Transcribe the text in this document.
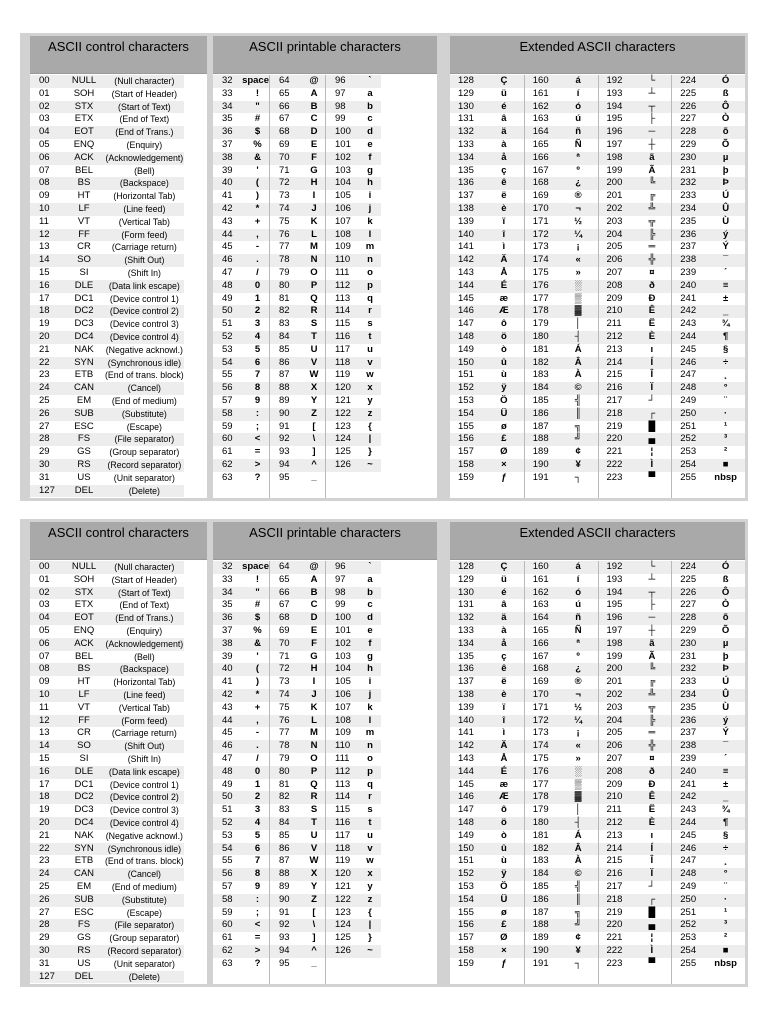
ASCII control characters
00	NULL	(Null character)
01	SOH	(Start of Header)
02	STX	(Start of Text)
03	ETX	(End of Text)
04	EOT	(End of Trans.)
05	ENQ	(Enquiry)
06	ACK	(Acknowledgement)
07	BEL	(Bell)
08	BS	(Backspace)
09	HT	(Horizontal Tab)
10	LF	(Line feed)
11	VT	(Vertical Tab)
12	FF	(Form feed)
13	CR	(Carriage return)
14	SO	(Shift Out)
15	SI	(Shift In)
16	DLE	(Data link escape)
17	DC1	(Device control 1)
18	DC2	(Device control 2)
19	DC3	(Device control 3)
20	DC4	(Device control 4)
21	NAK	(Negative acknowl.)
22	SYN	(Synchronous idle)
23	ETB	(End of trans. block)
24	CAN	(Cancel)
25	EM	(End of medium)
26	SUB	(Substitute)
27	ESC	(Escape)
28	FS	(File separator)
29	GS	(Group separator)
30	RS	(Record separator)
31	US	(Unit separator)
127	DEL	(Delete)
ASCII printable characters
32 space
33	!
34	"
35	#
36	$
37	%
38	&
39	'
40	(
41	)
42	*
43	+
44	,
45	-
46	.
47	/
48	0
49	1
50	2
51	3
52	4
53	5
54	6
55	7
56	8
57	9
58	:
59	;
60	<
61	=
62	>
63	?
64	@
65	A
66	B
67	C
68	D
69	E
70	F
71	G
72	H
73	I
74	J
75	K
76	L
77	M
78	N
79	O
80	P
81	Q
82	R
83	S
84	T
85	U
86	V
87	W
88	X
89	Y
90	Z
91	[
92	\
93	]
94	^
95	_
96	`
97	a
98	b
99	c
100	d
101	e
102	f
103	g
104	h
105	i
106	j
107	k
108	l
109	m
110	n
111	o
112	p
113	q
114	r
115	s
116	t
117	u
118	v
119	w
120	x
121	y
122	z
123	{
124	|
125	}
126	~
Extended ASCII characters
128	Ç
129	ü
130	é
131	â
132	ä
133	à
134	å
135	ç
136	ê
137	ë
138	è
139	ï
140	î
141	ì
142	Ä
143	Å
144	É
145	æ
146	Æ
147	ô
148	ö
149	ò
150	û
151	ù
152	ÿ
153	Ö
154	Ü
155	ø
156	£
157	Ø
158	×
159	ƒ
160	á
161	í
162	ó
163	ú
164	ñ
165	Ñ
166	ª
167	º
168	¿
169	®
170	¬
171	½
172	¼
173	¡
174	«
175	»
176	░
177	▒
178	▓
179	│
180	┤
181	Á
182	Â
183	À
184	©
185	╣
186	║
187	╗
188	╝
189	¢
190	¥
191	┐
192	└
193	┴
194	┬
195	├
196	─
197	┼
198	ã
199	Ã
200	╚
201	╔
202	╩
203	╦
204	╠
205	═
206	╬
207	¤
208	ð
209	Ð
210	Ê
211	Ë
212	È
213	ı
214	Í
215	Î
216	Ï
217	┘
218	┌
219	█
220	▄
221	¦
222	Ì
223	▀
224	Ó
225	ß
226	Ô
227	Ò
228	õ
229	Õ
230	µ
231	þ
232	Þ
233	Ú
234	Û
235	Ù
236	ý
237	Ý
238	¯
239	´
240	≡
241	±
242	‗
243	¾
244	¶
245	§
246	÷
247	¸
248	°
249	¨
250	·
251	¹
252	³
253	²
254	■
255	nbsp
ASCII control characters
00	NULL	(Null character)
01	SOH	(Start of Header)
02	STX	(Start of Text)
03	ETX	(End of Text)
04	EOT	(End of Trans.)
05	ENQ	(Enquiry)
06	ACK	(Acknowledgement)
07	BEL	(Bell)
08	BS	(Backspace)
09	HT	(Horizontal Tab)
10	LF	(Line feed)
11	VT	(Vertical Tab)
12	FF	(Form feed)
13	CR	(Carriage return)
14	SO	(Shift Out)
15	SI	(Shift In)
16	DLE	(Data link escape)
17	DC1	(Device control 1)
18	DC2	(Device control 2)
19	DC3	(Device control 3)
20	DC4	(Device control 4)
21	NAK	(Negative acknowl.)
22	SYN	(Synchronous idle)
23	ETB	(End of trans. block)
24	CAN	(Cancel)
25	EM	(End of medium)
26	SUB	(Substitute)
27	ESC	(Escape)
28	FS	(File separator)
29	GS	(Group separator)
30	RS	(Record separator)
31	US	(Unit separator)
127	DEL	(Delete)
ASCII printable characters
32 space
33	!
34	"
35	#
36	$
37	%
38	&
39	'
40	(
41	)
42	*
43	+
44	,
45	-
46	.
47	/
48	0
49	1
50	2
51	3
52	4
53	5
54	6
55	7
56	8
57	9
58	:
59	;
60	<
61	=
62	>
63	?
64	@
65	A
66	B
67	C
68	D
69	E
70	F
71	G
72	H
73	I
74	J
75	K
76	L
77	M
78	N
79	O
80	P
81	Q
82	R
83	S
84	T
85	U
86	V
87	W
88	X
89	Y
90	Z
91	[
92	\
93	]
94	^
95	_
96	`
97	a
98	b
99	c
100	d
101	e
102	f
103	g
104	h
105	i
106	j
107	k
108	l
109	m
110	n
111	o
112	p
113	q
114	r
115	s
116	t
117	u
118	v
119	w
120	x
121	y
122	z
123	{
124	|
125	}
126	~
Extended ASCII characters
128	Ç
129	ü
130	é
131	â
132	ä
133	à
134	å
135	ç
136	ê
137	ë
138	è
139	ï
140	î
141	ì
142	Ä
143	Å
144	É
145	æ
146	Æ
147	ô
148	ö
149	ò
150	û
151	ù
152	ÿ
153	Ö
154	Ü
155	ø
156	£
157	Ø
158	×
159	ƒ
160	á
161	í
162	ó
163	ú
164	ñ
165	Ñ
166	ª
167	º
168	¿
169	®
170	¬
171	½
172	¼
173	¡
174	«
175	»
176	░
177	▒
178	▓
179	│
180	┤
181	Á
182	Â
183	À
184	©
185	╣
186	║
187	╗
188	╝
189	¢
190	¥
191	┐
192	└
193	┴
194	┬
195	├
196	─
197	┼
198	ã
199	Ã
200	╚
201	╔
202	╩
203	╦
204	╠
205	═
206	╬
207	¤
208	ð
209	Ð
210	Ê
211	Ë
212	È
213	ı
214	Í
215	Î
216	Ï
217	┘
218	┌
219	█
220	▄
221	¦
222	Ì
223	▀
224	Ó
225	ß
226	Ô
227	Ò
228	õ
229	Õ
230	µ
231	þ
232	Þ
233	Ú
234	Û
235	Ù
236	ý
237	Ý
238	¯
239	´
240	≡
241	±
242	‗
243	¾
244	¶
245	§
246	÷
247	¸
248	°
249	¨
250	·
251	¹
252	³
253	²
254	■
255	nbsp
